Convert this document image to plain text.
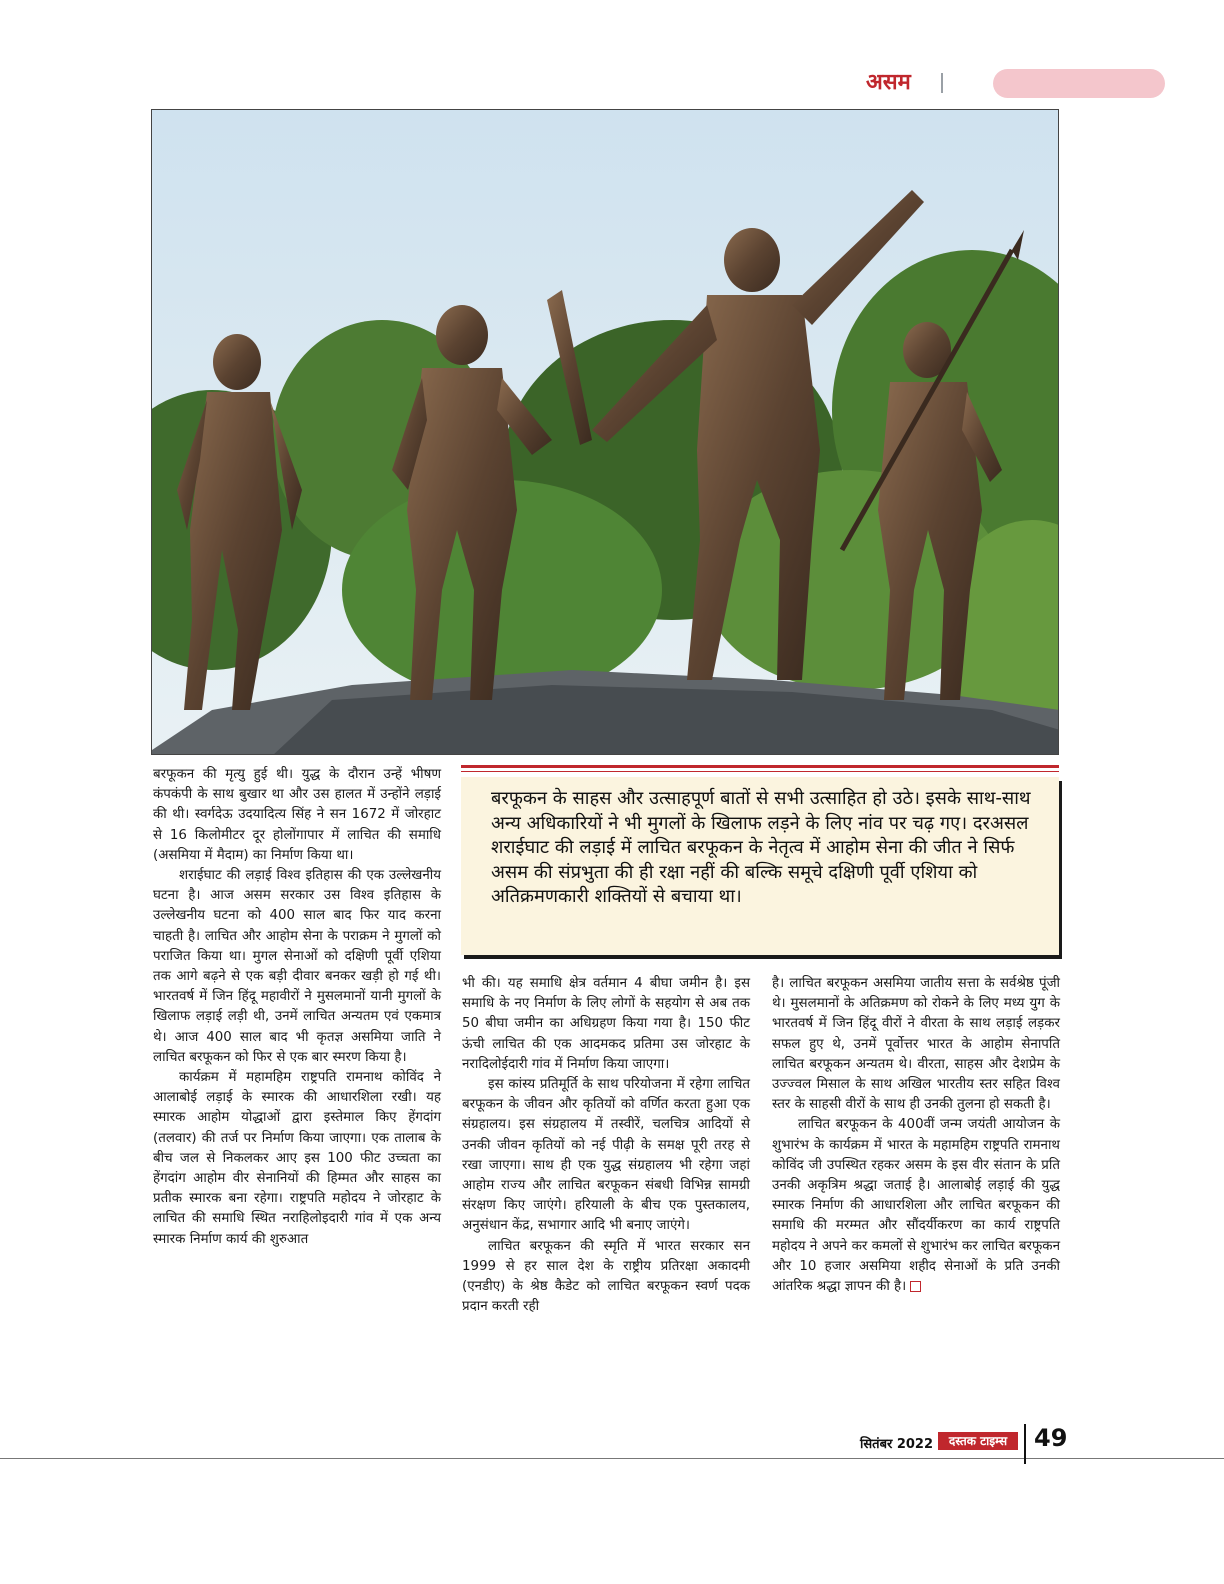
असम
बरफूकन के साहस और उत्साहपूर्ण बातों से सभी उत्साहित हो उठे। इसके साथ-साथ अन्य अधिकारियों ने भी मुगलों के खिलाफ लड़ने के लिए नांव पर चढ़ गए। दरअसल शराईघाट की लड़ाई में लाचित बरफूकन के नेतृत्व में आहोम सेना की जीत ने सिर्फ असम की संप्रभुता की ही रक्षा नहीं की बल्कि समूचे दक्षिणी पूर्वी एशिया को अतिक्रमणकारी शक्तियों से बचाया था।

बरफूकन की मृत्यु हुई थी। युद्ध के दौरान उन्हें भीषण कंपकंपी के साथ बुखार था और उस हालत में उन्होंने लड़ाई की थी। स्वर्गदेऊ उदयादित्य सिंह ने सन 1672 में जोरहाट से 16 किलोमीटर दूर होलोंगापार में लाचित की समाधि (असमिया में मैदाम) का निर्माण किया था।

शराईघाट की लड़ाई विश्व इतिहास की एक उल्लेखनीय घटना है। आज असम सरकार उस विश्व इतिहास के उल्लेखनीय घटना को 400 साल बाद फिर याद करना चाहती है। लाचित और आहोम सेना के पराक्रम ने मुगलों को पराजित किया था। मुगल सेनाओं को दक्षिणी पूर्वी एशिया तक आगे बढ़ने से एक बड़ी दीवार बनकर खड़ी हो गई थी। भारतवर्ष में जिन हिंदू महावीरों ने मुसलमानों यानी मुगलों के खिलाफ लड़ाई लड़ी थी, उनमें लाचित अन्यतम एवं एकमात्र थे। आज 400 साल बाद भी कृतज्ञ असमिया जाति ने लाचित बरफूकन को फिर से एक बार स्मरण किया है।

कार्यक्रम में महामहिम राष्ट्रपति रामनाथ कोविंद ने आलाबोई लड़ाई के स्मारक की आधारशिला रखी। यह स्मारक आहोम योद्धाओं द्वारा इस्तेमाल किए हेंगदांग (तलवार) की तर्ज पर निर्माण किया जाएगा। एक तालाब के बीच जल से निकलकर आए इस 100 फीट उच्चता का हेंगदांग आहोम वीर सेनानियों की हिम्मत और साहस का प्रतीक स्मारक बना रहेगा। राष्ट्रपति महोदय ने जोरहाट के लाचित की समाधि स्थित नराहिलोइदारी गांव में एक अन्य स्मारक निर्माण कार्य की शुरुआत

भी की। यह समाधि क्षेत्र वर्तमान 4 बीघा जमीन है। इस समाधि के नए निर्माण के लिए लोगों के सहयोग से अब तक 50 बीघा जमीन का अधिग्रहण किया गया है। 150 फीट ऊंची लाचित की एक आदमकद प्रतिमा उस जोरहाट के नरादिलोईदारी गांव में निर्माण किया जाएगा।

इस कांस्य प्रतिमूर्ति के साथ परियोजना में रहेगा लाचित बरफूकन के जीवन और कृतियों को वर्णित करता हुआ एक संग्रहालय। इस संग्रहालय में तस्वीरें, चलचित्र आदियों से उनकी जीवन कृतियों को नई पीढ़ी के समक्ष पूरी तरह से रखा जाएगा। साथ ही एक युद्ध संग्रहालय भी रहेगा जहां आहोम राज्य और लाचित बरफूकन संबधी विभिन्न सामग्री संरक्षण किए जाएंगे। हरियाली के बीच एक पुस्तकालय, अनुसंधान केंद्र, सभागार आदि भी बनाए जाएंगे।

लाचित बरफूकन की स्मृति में भारत सरकार सन 1999 से हर साल देश के राष्ट्रीय प्रतिरक्षा अकादमी (एनडीए) के श्रेष्ठ कैडेट को लाचित बरफूकन स्वर्ण पदक प्रदान करती रही

है। लाचित बरफूकन असमिया जातीय सत्ता के सर्वश्रेष्ठ पूंजी थे। मुसलमानों के अतिक्रमण को रोकने के लिए मध्य युग के भारतवर्ष में जिन हिंदू वीरों ने वीरता के साथ लड़ाई लड़कर सफल हुए थे, उनमें पूर्वोत्तर भारत के आहोम सेनापति लाचित बरफूकन अन्यतम थे। वीरता, साहस और देशप्रेम के उज्ज्वल मिसाल के साथ अखिल भारतीय स्तर सहित विश्व स्तर के साहसी वीरों के साथ ही उनकी तुलना हो सकती है।

लाचित बरफूकन के 400वीं जन्म जयंती आयोजन के शुभारंभ के कार्यक्रम में भारत के महामहिम राष्ट्रपति रामनाथ कोविंद जी उपस्थित रहकर असम के इस वीर संतान के प्रति उनकी अकृत्रिम श्रद्धा जताई है। आलाबोई लड़ाई की युद्ध स्मारक निर्माण की आधारशिला और लाचित बरफूकन की समाधि की मरम्मत और सौंदर्यीकरण का कार्य राष्ट्रपति महोदय ने अपने कर कमलों से शुभारंभ कर लाचित बरफूकन और 10 हजार असमिया शहीद सेनाओं के प्रति उनकी आंतरिक श्रद्धा ज्ञापन की है।

सितंबर 2022	दस्तक टाइम्स	49
